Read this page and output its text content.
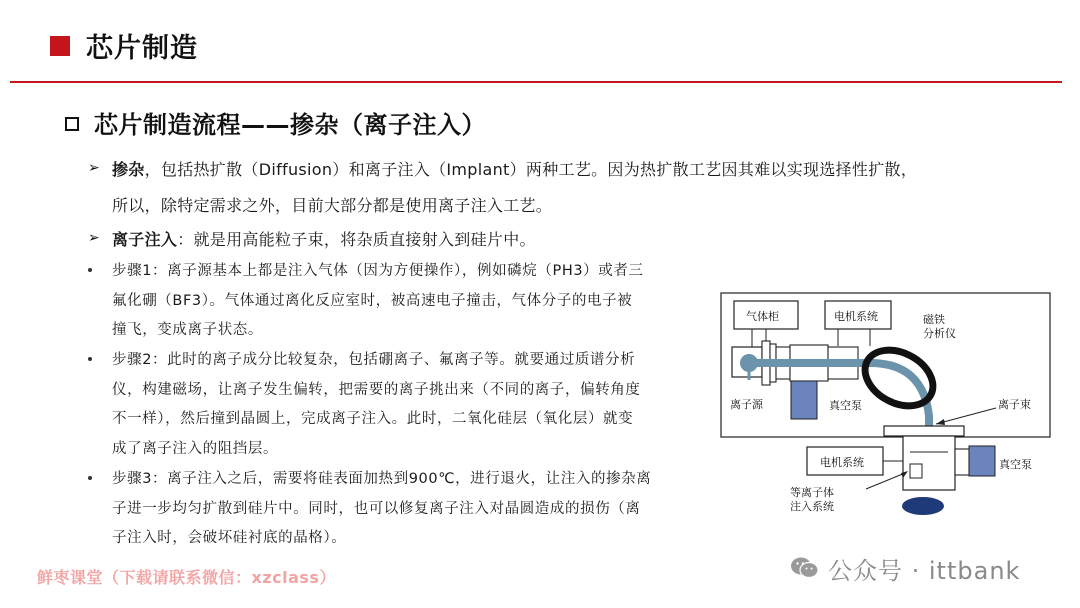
芯片制造
芯片制造流程——掺杂（离子注入）
➢ 掺杂，包括热扩散（Diffusion）和离子注入（Implant）两种工艺。因为热扩散工艺因其难以实现选择性扩散，
所以，除特定需求之外，目前大部分都是使用离子注入工艺。
➢ 离子注入：就是用高能粒子束，将杂质直接射入到硅片中。
步骤1：离子源基本上都是注入气体（因为方便操作），例如磷烷（PH3）或者三
氟化硼（BF3）。气体通过离化反应室时，被高速电子撞击，气体分子的电子被
撞飞，变成离子状态。
步骤2：此时的离子成分比较复杂，包括硼离子、氟离子等。就要通过质谱分析
仪，构建磁场，让离子发生偏转，把需要的离子挑出来（不同的离子，偏转角度
不一样），然后撞到晶圆上，完成离子注入。此时，二氧化硅层（氧化层）就变
成了离子注入的阻挡层。
步骤3：离子注入之后，需要将硅表面加热到900℃，进行退火，让注入的掺杂离
子进一步均匀扩散到硅片中。同时，也可以修复离子注入对晶圆造成的损伤（离
子注入时，会破坏硅衬底的晶格）。
气体柜	电机系统	磁铁
分析仪
离子源	真空泵	离子束
电机系统	真空泵
等离子体
注入系统
鲜枣课堂（下载请联系微信：xzclass）	公众号 · ittbank
